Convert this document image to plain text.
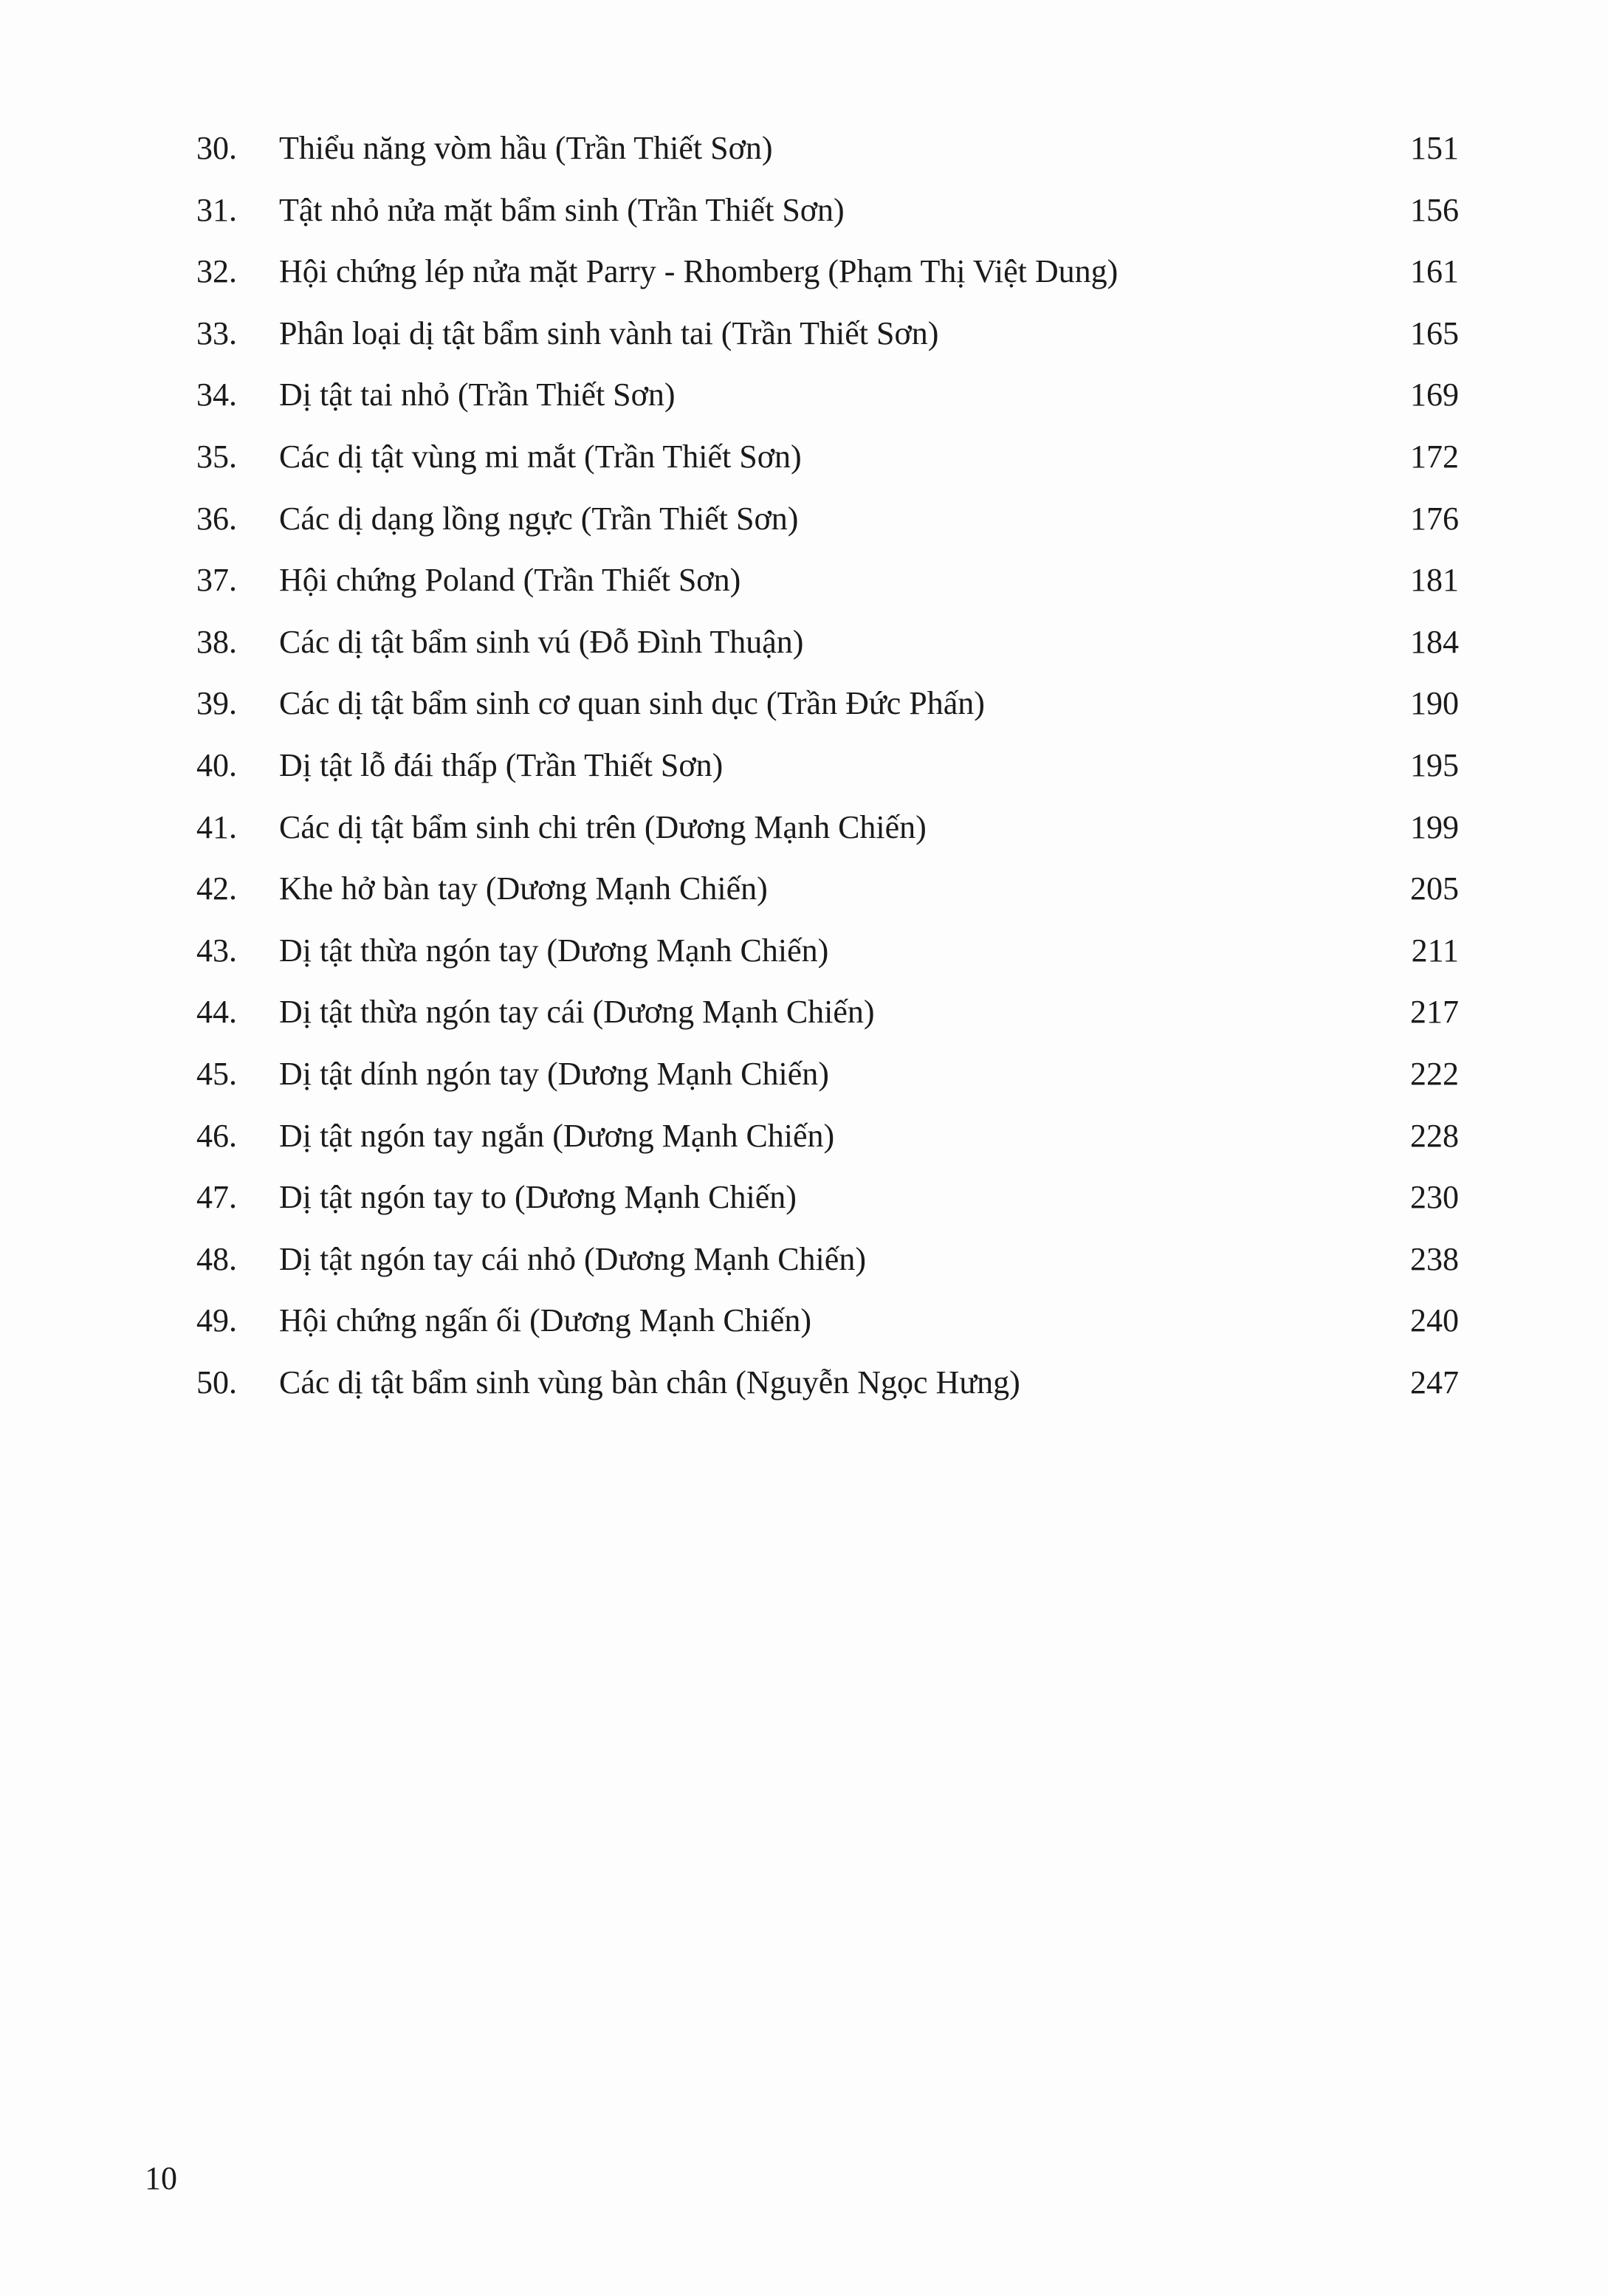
30.	Thiểu năng vòm hầu (Trần Thiết Sơn)	151
31.	Tật nhỏ nửa mặt bẩm sinh (Trần Thiết Sơn)	156
32.	Hội chứng lép nửa mặt Parry - Rhomberg (Phạm Thị Việt Dung)	161
33.	Phân loại dị tật bẩm sinh vành tai (Trần Thiết Sơn)	165
34.	Dị tật tai nhỏ (Trần Thiết Sơn)	169
35.	Các dị tật vùng mi mắt (Trần Thiết Sơn)	172
36.	Các dị dạng lồng ngực (Trần Thiết Sơn)	176
37.	Hội chứng Poland (Trần Thiết Sơn)	181
38.	Các dị tật bẩm sinh vú (Đỗ Đình Thuận)	184
39.	Các dị tật bẩm sinh cơ quan sinh dục (Trần Đức Phấn)	190
40.	Dị tật lỗ đái thấp (Trần Thiết Sơn)	195
41.	Các dị tật bẩm sinh chi trên (Dương Mạnh Chiến)	199
42.	Khe hở bàn tay (Dương Mạnh Chiến)	205
43.	Dị tật thừa ngón tay (Dương Mạnh Chiến)	211
44.	Dị tật thừa ngón tay cái (Dương Mạnh Chiến)	217
45.	Dị tật dính ngón tay (Dương Mạnh Chiến)	222
46.	Dị tật ngón tay ngắn (Dương Mạnh Chiến)	228
47.	Dị tật ngón tay to (Dương Mạnh Chiến)	230
48.	Dị tật ngón tay cái nhỏ (Dương Mạnh Chiến)	238
49.	Hội chứng ngấn ối (Dương Mạnh Chiến)	240
50.	Các dị tật bẩm sinh vùng bàn chân (Nguyễn Ngọc Hưng)	247
10
